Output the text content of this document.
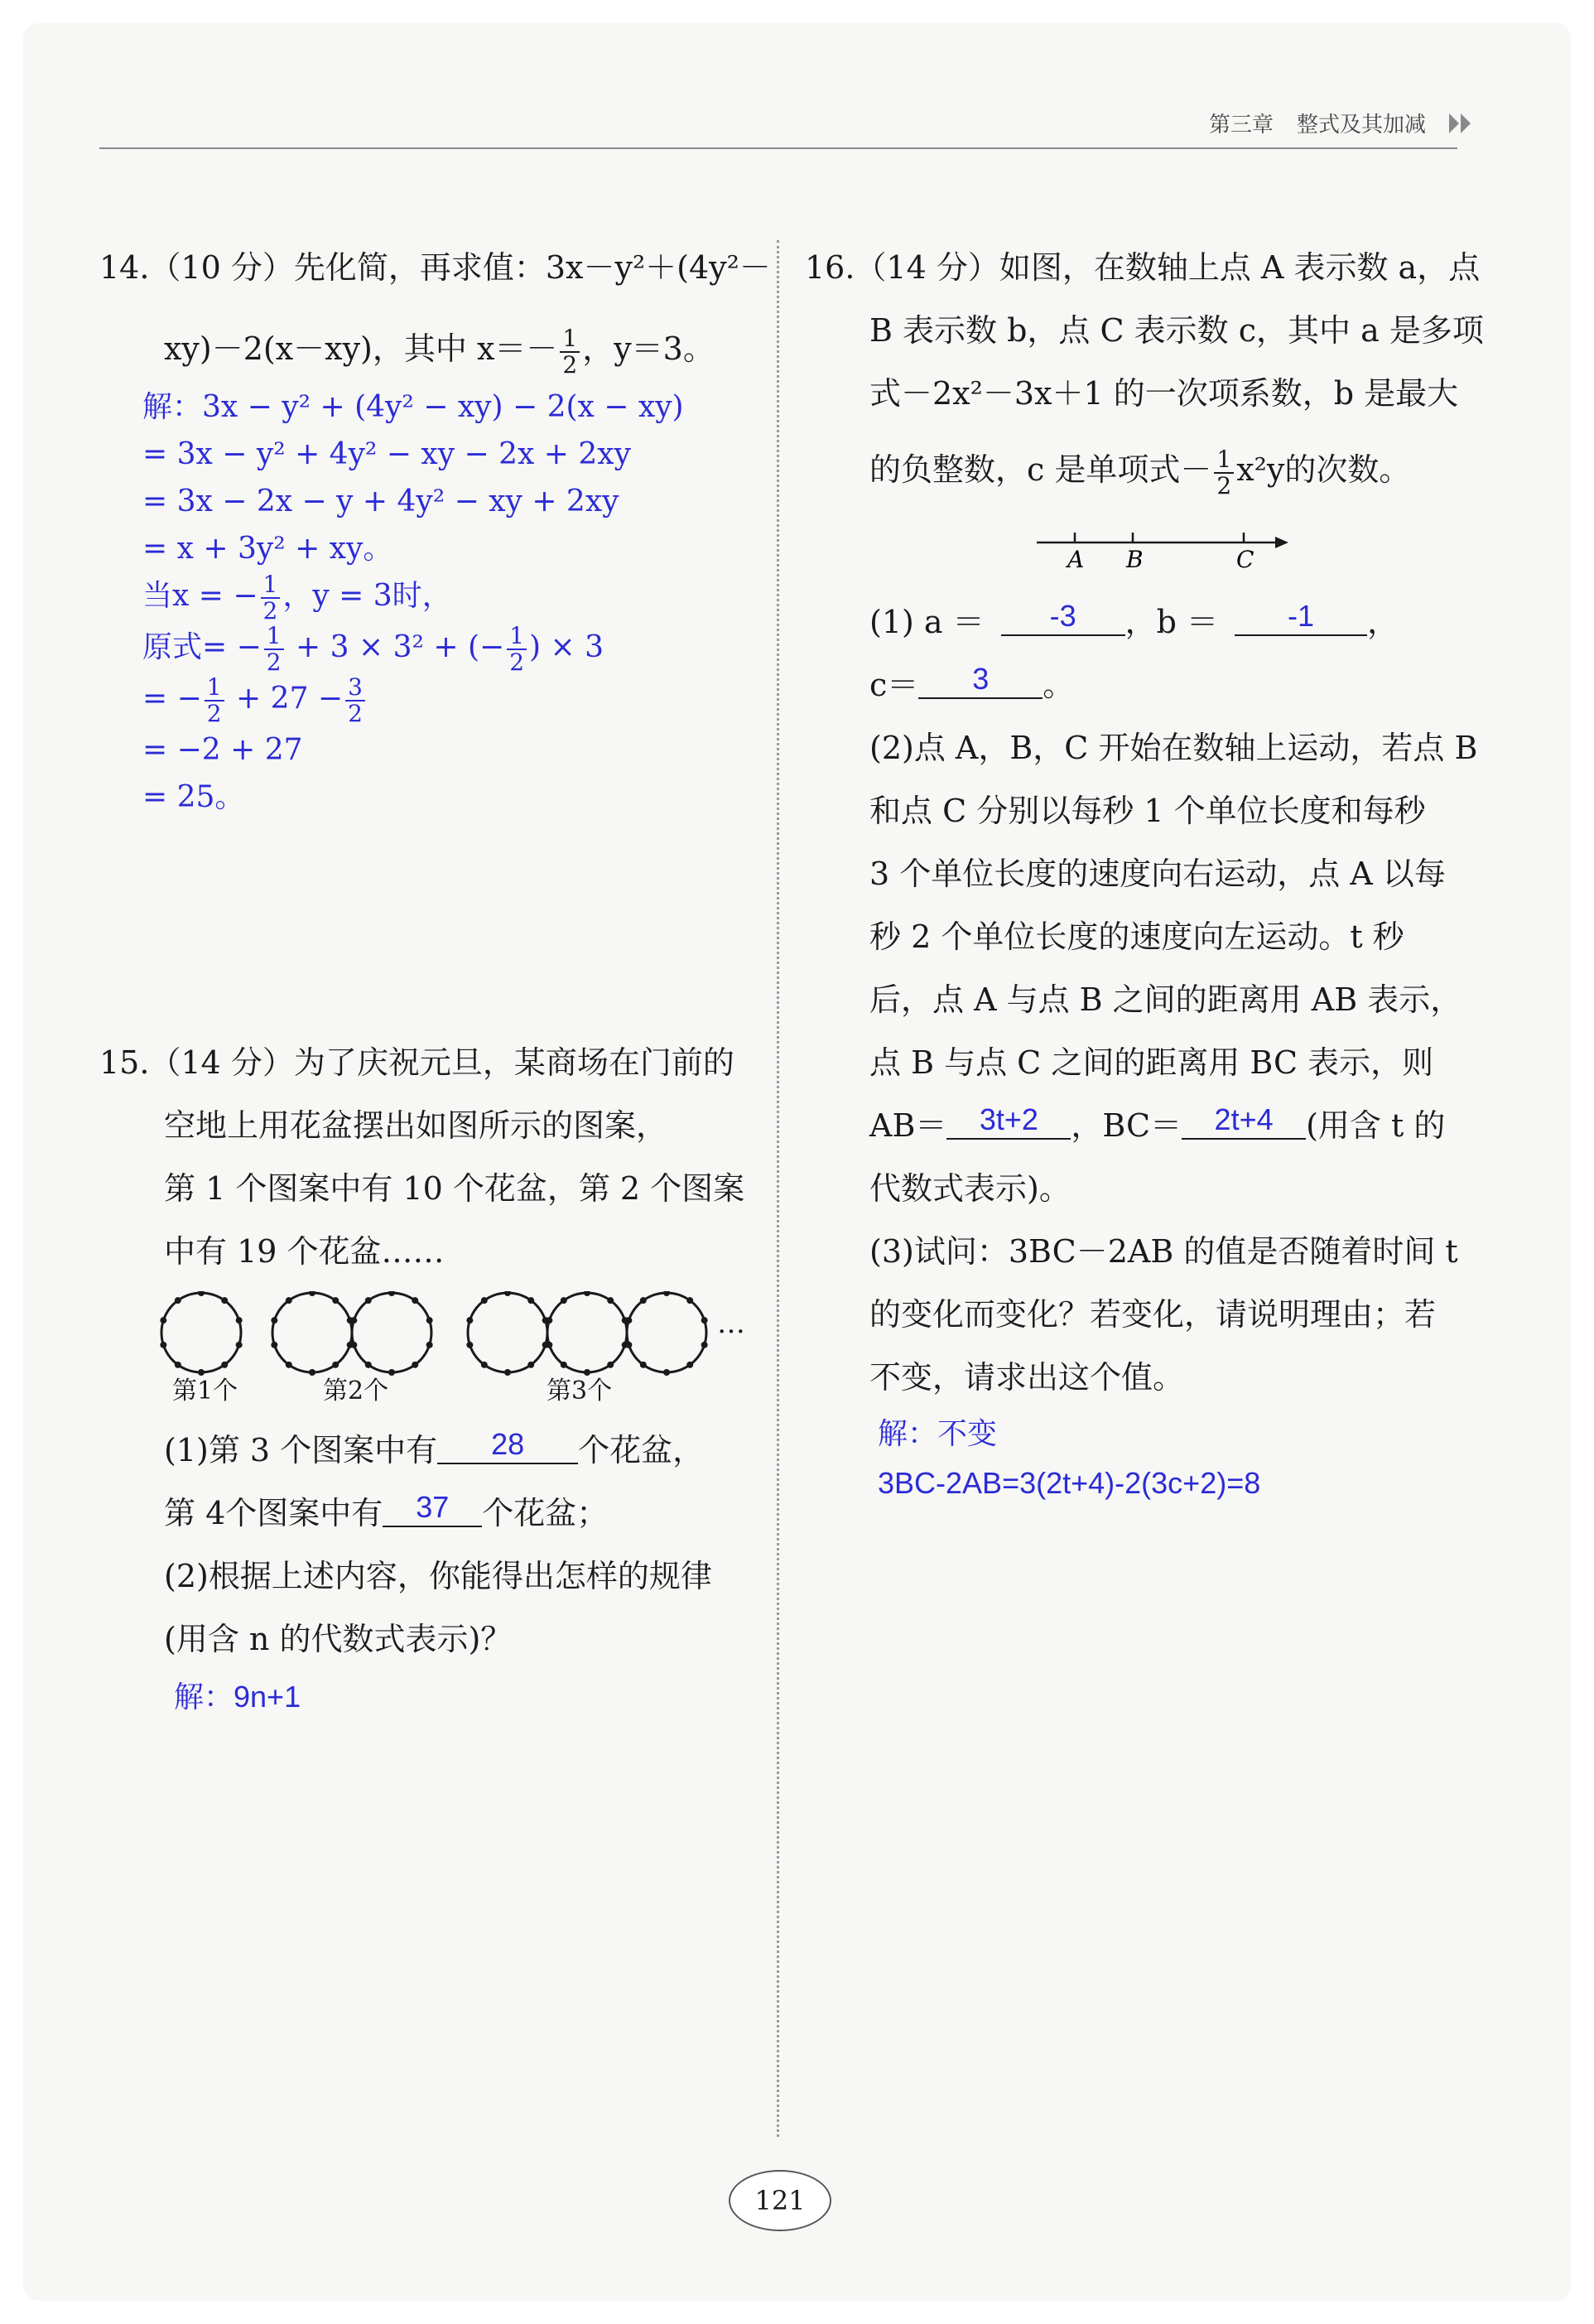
第三章 整式及其加减
14.（10 分）先化简，再求值：3x－y²＋(4y²－
xy)－2(x－xy)，其中 $x=- \frac{1}{2}$ ，y＝3。
解：3x − y² + (4y² − xy) − 2(x − xy)
= 3x − y² + 4y² − xy − 2x + 2xy
= 3x − 2x − y + 4y² − xy + 2xy
= x + 3y² + xy。
当x = − $\frac{1}{2}$ ，y = 3时，
原式= − $\frac{1}{2} + 3 \times 3^2$ + (− $\frac{1}{2}$ ) × 3
= − $\frac{1}{2} + 27 - \frac{3}{2}$
= −2 + 27
= 25。
15.（14 分）为了庆祝元旦，某商场在门前的
空地上用花盆摆出如图所示的图案，
第 1 个图案中有 10 个花盆，第 2 个图案
中有 19 个花盆……
第1个	第2个	第3个
…
(1)第 3 个图案中有 28 个花盆，
第 4个图案中有 37 个花盆；
(2)根据上述内容，你能得出怎样的规律
(用含 n 的代数式表示)？
解：9n+1
16.（14 分）如图，在数轴上点 A 表示数 a，点
B 表示数 b，点 C 表示数 c，其中 a 是多项
式－2x²－3x＋1 的一次项系数，b 是最大
的负整数，c 是单项式－ $\frac{1}{2} x^2y$的次数。
A B	C
(1) a ＝ -3 ，b ＝ -1 ，
c＝ 3 。
(2)点 A，B，C 开始在数轴上运动，若点 B
和点 C 分别以每秒 1 个单位长度和每秒
3 个单位长度的速度向右运动，点 A 以每
秒 2 个单位长度的速度向左运动。t 秒
后，点 A 与点 B 之间的距离用 AB 表示，
点 B 与点 C 之间的距离用 BC 表示，则
AB＝ 3t+2 ，BC＝ 2t+4 (用含 t 的
代数式表示)。
(3)试问：3BC－2AB 的值是否随着时间 t
的变化而变化？若变化，请说明理由；若
不变，请求出这个值。
解：不变
3BC-2AB=3(2t+4)-2(3c+2)=8
121
